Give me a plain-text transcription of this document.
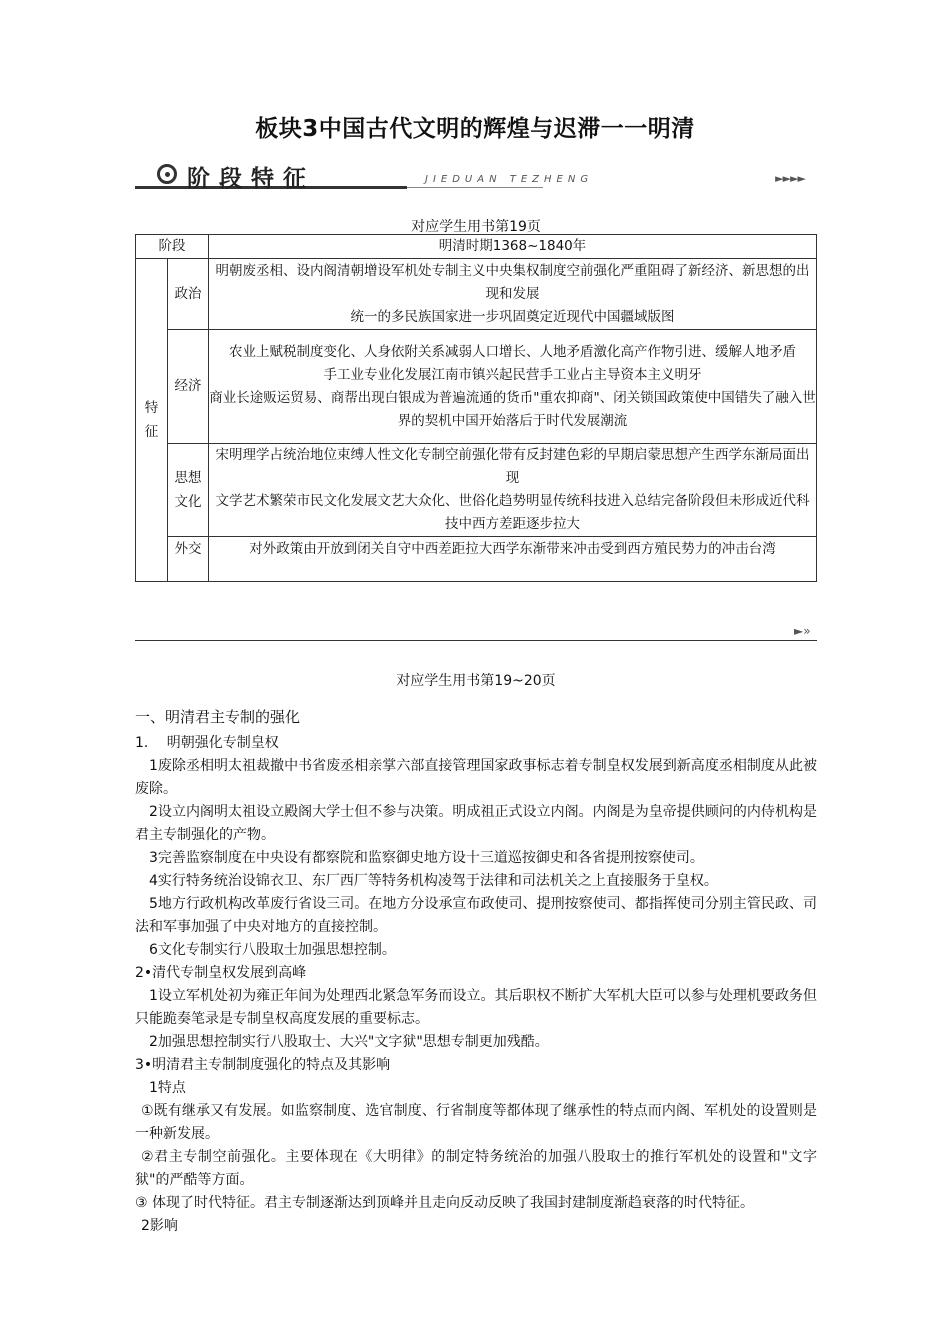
板块3中国古代文明的辉煌与迟滞一一明清
阶段特征	JIEDUAN TEZHENG	►►►►
对应学生用书第19页
阶段		明清时期1368~1840年
特征	政治	明朝废丞相、设内阁清朝增设军机处专制主义中央集权制度空前强化严重阻碍了新经济、新思想的出现和发展
统一的多民族国家进一步巩固奠定近现代中国疆域版图

	经济	农业上赋税制度变化、人身依附关系减弱人口增长、人地矛盾激化高产作物引进、缓解人地矛盾
手工业专业化发展江南市镇兴起民营手工业占主导资本主义明牙
商业长途贩运贸易、商帮出现白银成为普遍流通的货币"重农抑商"、闭关锁国政策使中国错失了融入世界的契机中国开始落后于时代发展潮流

	思想文化	宋明理学占统治地位束缚人性文化专制空前强化带有反封建色彩的早期启蒙思想产生西学东渐局面出现
文学艺术繁荣市民文化发展文艺大众化、世俗化趋势明显传统科技进入总结完备阶段但未形成近代科技中西方差距逐步拉大

	外交	对外政策由开放到闭关自守中西差距拉大西学东渐带来冲击受到西方殖民势力的冲击台湾
►»
对应学生用书第19~20页

一、明清君主专制的强化

1.　 明朝强化专制皇权

1废除丞相明太祖裁撤中书省废丞相亲掌六部直接管理国家政事标志着专制皇权发展到新高度丞相制度从此被废除。

2设立内阁明太祖设立殿阁大学士但不参与决策。明成祖正式设立内阁。内阁是为皇帝提供顾问的内侍机构是君主专制强化的产物。

3完善监察制度在中央设有都察院和监察御史地方设十三道巡按御史和各省提刑按察使司。

4实行特务统治设锦衣卫、东厂西厂等特务机构凌驾于法律和司法机关之上直接服务于皇权。

5地方行政机构改革废行省设三司。在地方分设承宣布政使司、提刑按察使司、都指挥使司分别主管民政、司法和军事加强了中央对地方的直接控制。

6文化专制实行八股取士加强思想控制。

2•清代专制皇权发展到高峰

1设立军机处初为雍正年间为处理西北紧急军务而设立。其后职权不断扩大军机大臣可以参与处理机要政务但只能跪奏笔录是专制皇权高度发展的重要标志。

2加强思想控制实行八股取士、大兴"文字狱"思想专制更加残酷。

3•明清君主专制制度强化的特点及其影响

1特点

①既有继承又有发展。如监察制度、选官制度、行省制度等都体现了继承性的特点而内阁、军机处的设置则是一种新发展。

②君主专制空前强化。主要体现在《大明律》的制定特务统治的加强八股取士的推行军机处的设置和"文字狱"的严酷等方面。

③ 体现了时代特征。君主专制逐渐达到顶峰并且走向反动反映了我国封建制度渐趋衰落的时代特征。

2影响
